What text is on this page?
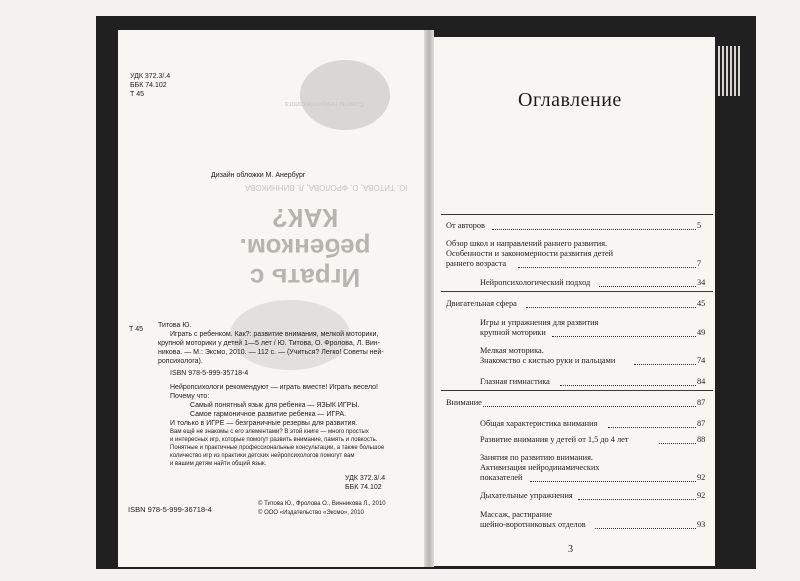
Советы нейропсихолога
Ю. ТИТОВА, О. ФРОЛОВА, Л. ВИННИКОВА
Играть с ребенком. КАК?
УДК 372.3/.4
ББК 74.102
Т 45
Дизайн обложки М. Анербург
Т 45
Титова Ю.
Играть с ребенком. Как?: развитие внимания, мелкой моторики,
крупной моторики у детей 1—5 лет / Ю. Титова, О. Фролова, Л. Вин-
никова. — М.: Эксмо, 2010. — 112 с. — (Учиться? Легко! Советы ней-
ропсихолога).
ISBN 978-5-999-35718-4
Нейропсихологи рекомендуют — играть вместе! Играть весело!
Почему что:
Самый понятный язык для ребенка — ЯЗЫК ИГРЫ.
Самое гармоничное развитие ребенка — ИГРА.
И только в ИГРЕ — безграничные резервы для развития.
Вам ещё не знакомы с его элементами? В этой книге — много простых
и интересных игр, которые помогут развить внимание, память и ловкость.
Понятные и практичные профессиональные консультации, а также большое
количество игр из практики детских нейропсихологов помогут вам
и вашим детям найти общий язык.
УДК 372.3/.4
ББК 74.102
ISBN 978-5-999-36718-4
© Титова Ю., Фролова О., Винникова Л., 2010
© ООО «Издательство «Эксмо», 2010
Оглавление
От авторов	5
Обзор школ и направлений раннего развития.
Особенности и закономерности развития детей
раннего возраста	7
Нейропсихологический подход	34
Двигательная сфера	45
Игры и упражнения для развития
крупной моторики	49
Мелкая моторика.
Знакомство с кистью руки и пальцами	74
Глазная гимнастика	84
Внимание	87
Общая характеристика внимания	87
Развитие внимания у детей от 1,5 до 4 лет	88
Занятия по развитию внимания.
Активизация нейродинамических
показателей	92
Дыхательные упражнения	92
Массаж, растирание
шейно-воротниковых отделов	93
3
